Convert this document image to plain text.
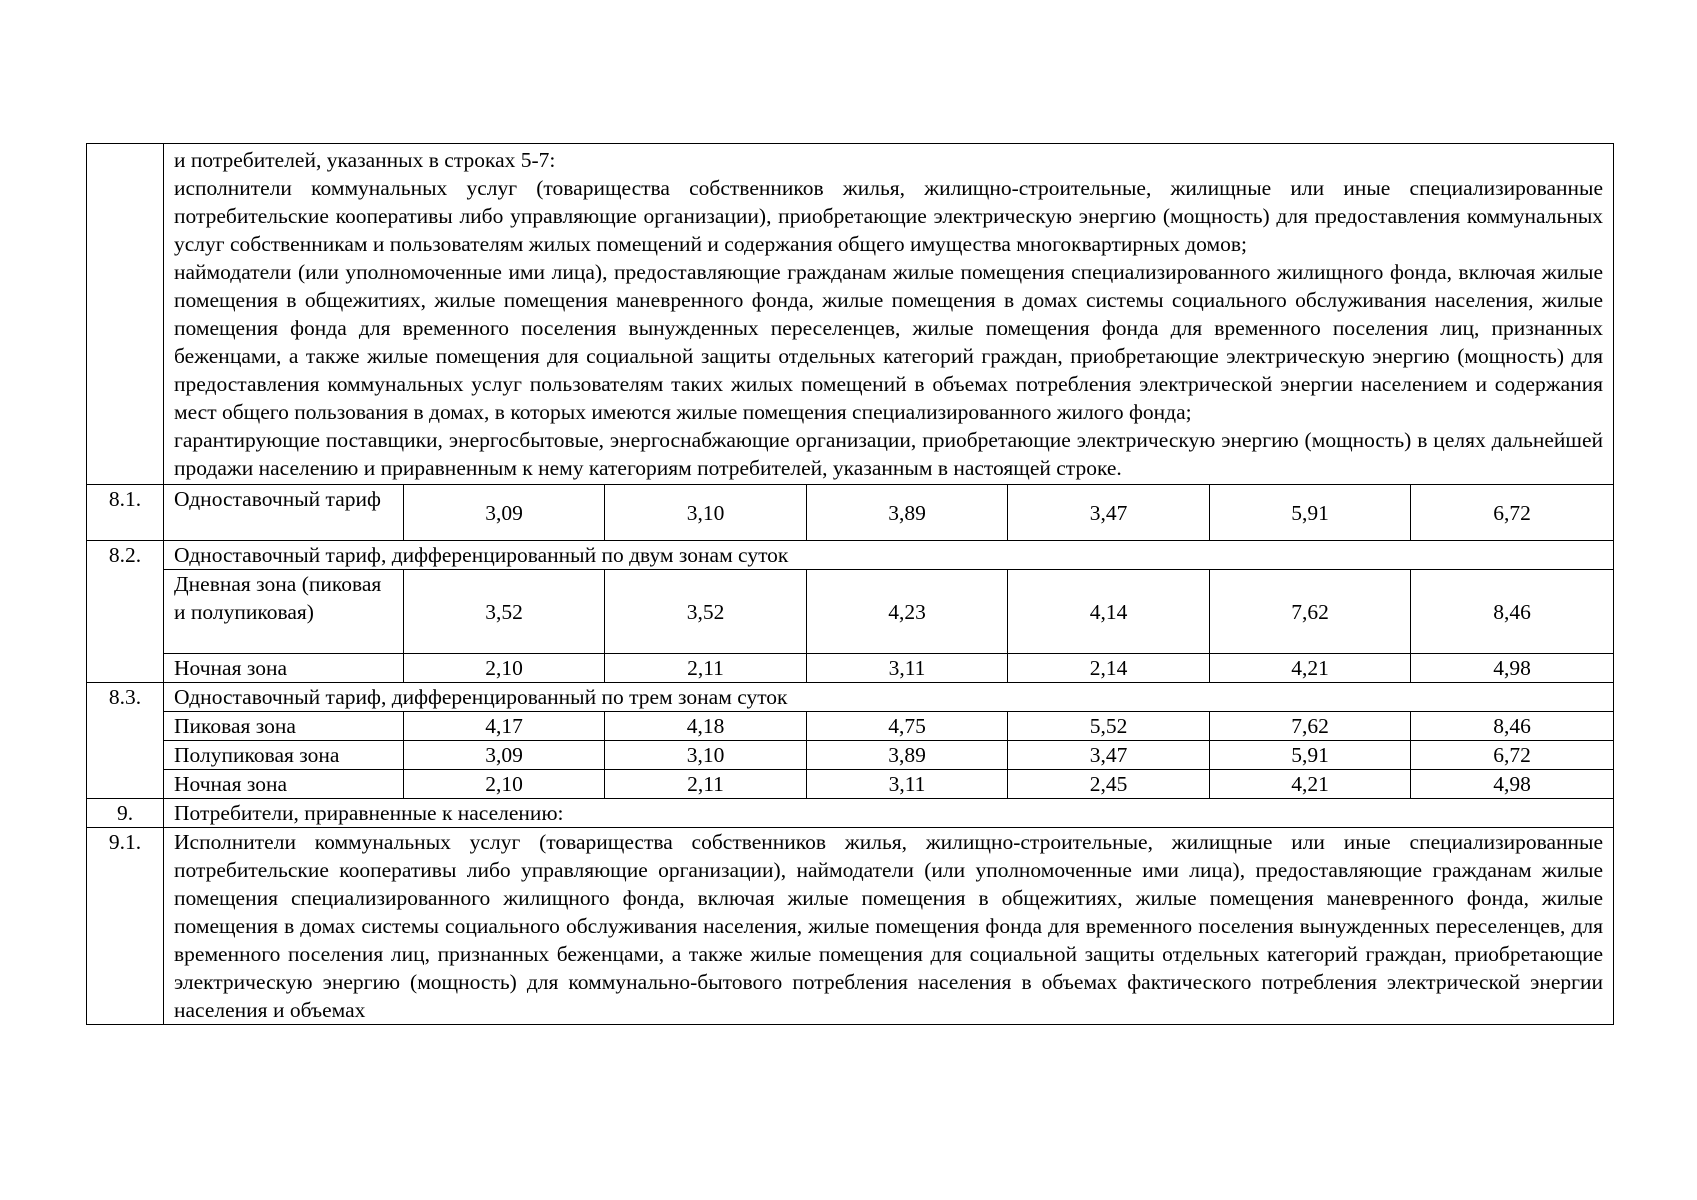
	и потребителей, указанных в строках 5-7:

исполнители коммунальных услуг (товарищества собственников жилья, жилищно-строительные, жилищные или иные специализированные потребительские кооперативы либо управляющие организации), приобретающие электрическую энергию (мощность) для предоставления коммунальных услуг собственникам и пользователям жилых помещений и содержания общего имущества многоквартирных домов;

наймодатели (или уполномоченные ими лица), предоставляющие гражданам жилые помещения специализированного жилищного фонда, включая жилые помещения в общежитиях, жилые помещения маневренного фонда, жилые помещения в домах системы социального обслуживания населения, жилые помещения фонда для временного поселения вынужденных переселенцев, жилые помещения фонда для временного поселения лиц, признанных беженцами, а также жилые помещения для социальной защиты отдельных категорий граждан, приобретающие электрическую энергию (мощность) для предоставления коммунальных услуг пользователям таких жилых помещений в объемах потребления электрической энергии населением и содержания мест общего пользования в домах, в которых имеются жилые помещения специализированного жилого фонда;

гарантирующие поставщики, энергосбытовые, энергоснабжающие организации, приобретающие электрическую энергию (мощность) в целях дальнейшей продажи населению и приравненным к нему категориям потребителей, указанным в настоящей строке.						

8.1.	Одноставочный тариф	3,09	3,10	3,89	3,47	5,91	6,72
8.2.	Одноставочный тариф, дифференцированный по двум зонам суток						
	Дневная зона (пиковая и полупиковая)	3,52	3,52	4,23	4,14	7,62	8,46
	Ночная зона	2,10	2,11	3,11	2,14	4,21	4,98
8.3.	Одноставочный тариф, дифференцированный по трем зонам суток						
	Пиковая зона	4,17	4,18	4,75	5,52	7,62	8,46
	Полупиковая зона	3,09	3,10	3,89	3,47	5,91	6,72
	Ночная зона	2,10	2,11	3,11	2,45	4,21	4,98
9.	Потребители, приравненные к населению:						
9.1.	Исполнители коммунальных услуг (товарищества собственников жилья, жилищно-строительные, жилищные или иные специализированные потребительские кооперативы либо управляющие организации), наймодатели (или уполномоченные ими лица), предоставляющие гражданам жилые помещения специализированного жилищного фонда, включая жилые помещения в общежитиях, жилые помещения маневренного фонда, жилые помещения в домах системы социального обслуживания населения, жилые помещения фонда для временного поселения вынужденных переселенцев, для временного поселения лиц, признанных беженцами, а также жилые помещения для социальной защиты отдельных категорий граждан, приобретающие электрическую энергию (мощность) для коммунально-бытового потребления населения в объемах фактического потребления электрической энергии населения и объемах						
